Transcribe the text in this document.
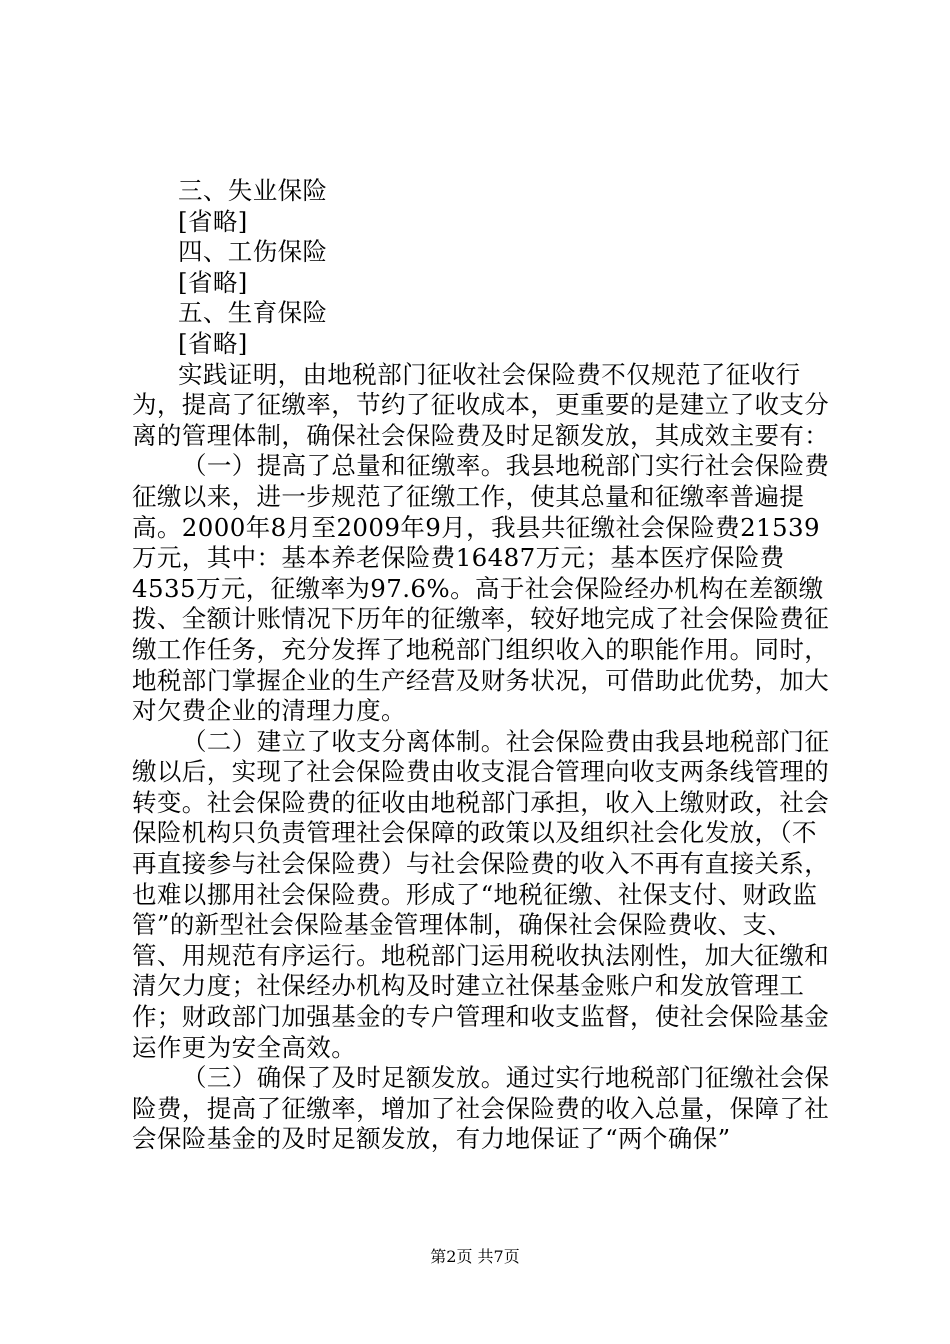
三、失业保险

[省略]

四、工伤保险

[省略]

五、生育保险

[省略]

实践证明，由地税部门征收社会保险费不仅规范了征收行为，提高了征缴率，节约了征收成本，更重要的是建立了收支分离的管理体制，确保社会保险费及时足额发放，其成效主要有：

（一）提高了总量和征缴率。我县地税部门实行社会保险费征缴以来，进一步规范了征缴工作，使其总量和征缴率普遍提高。2000年8月至2009年9月，我县共征缴社会保险费21539万元，其中：基本养老保险费16487万元；基本医疗保险费4535万元，征缴率为97.6%。高于社会保险经办机构在差额缴拨、全额计账情况下历年的征缴率，较好地完成了社会保险费征缴工作任务，充分发挥了地税部门组织收入的职能作用。同时，地税部门掌握企业的生产经营及财务状况，可借助此优势，加大对欠费企业的清理力度。

（二）建立了收支分离体制。社会保险费由我县地税部门征缴以后，实现了社会保险费由收支混合管理向收支两条线管理的转变。社会保险费的征收由地税部门承担，收入上缴财政，社会保险机构只负责管理社会保障的政策以及组织社会化发放，（不再直接参与社会保险费）与社会保险费的收入不再有直接关系，也难以挪用社会保险费。形成了“地税征缴、社保支付、财政监管”的新型社会保险基金管理体制，确保社会保险费收、支、管、用规范有序运行。地税部门运用税收执法刚性，加大征缴和清欠力度；社保经办机构及时建立社保基金账户和发放管理工作；财政部门加强基金的专户管理和收支监督，使社会保险基金运作更为安全高效。

（三）确保了及时足额发放。通过实行地税部门征缴社会保险费，提高了征缴率，增加了社会保险费的收入总量，保障了社会保险基金的及时足额发放，有力地保证了“两个确保”

第2页 共7页
